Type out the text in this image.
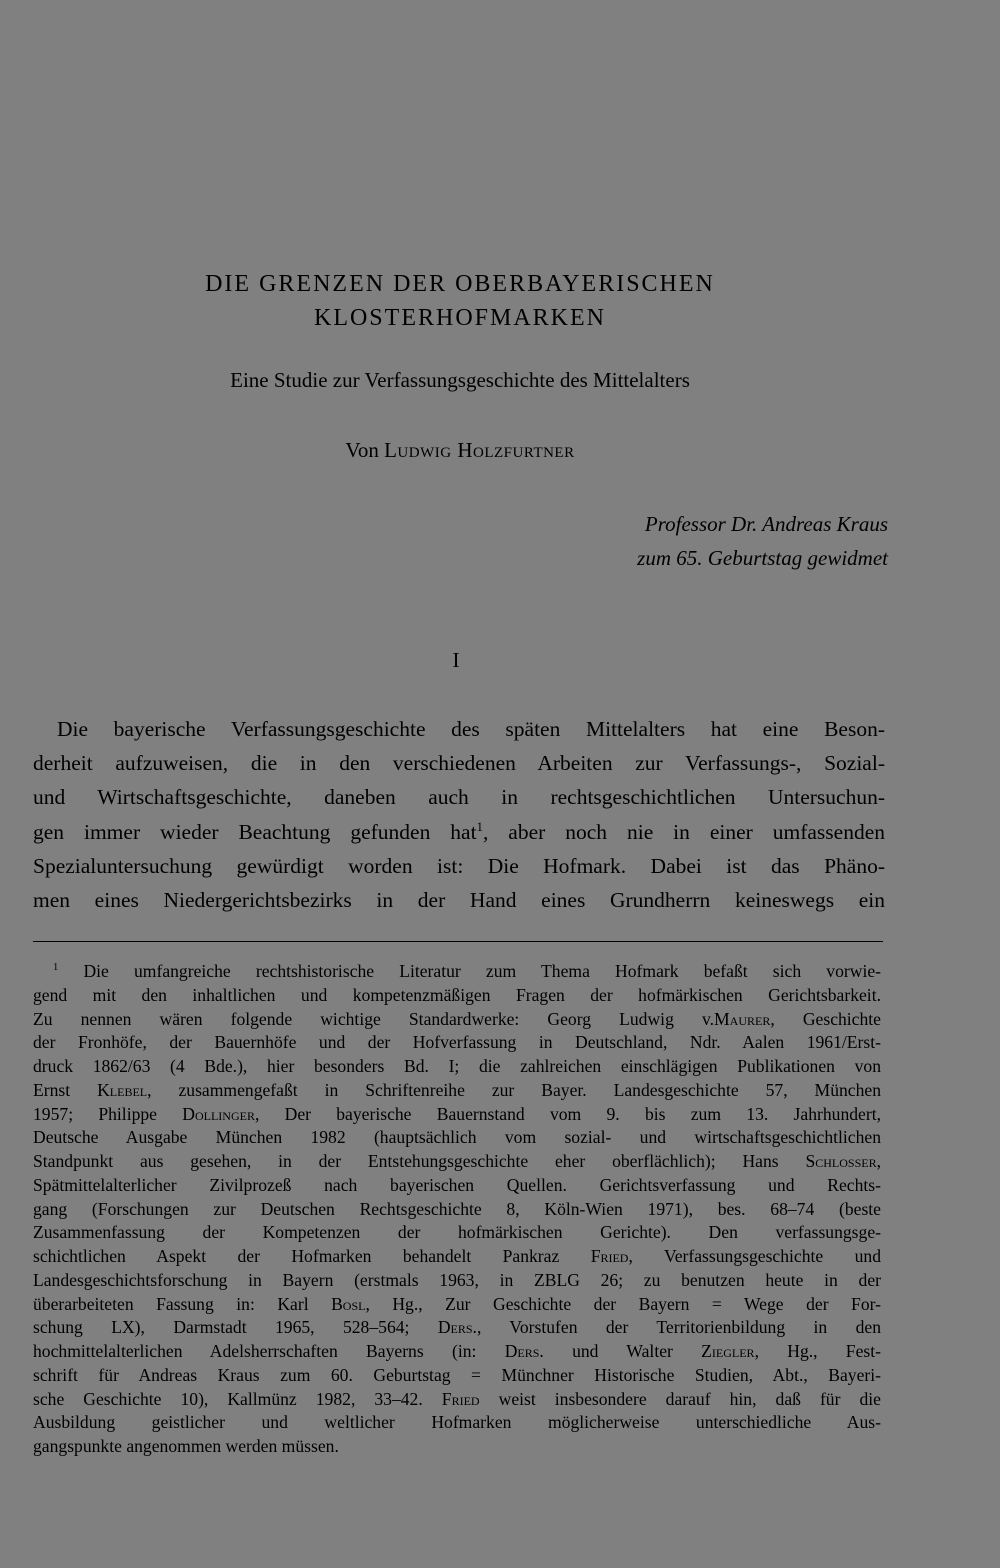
DIE GRENZEN DER OBERBAYERISCHEN
KLOSTERHOFMARKEN

Eine Studie zur Verfassungsgeschichte des Mittelalters

Von Ludwig Holzfurtner

Professor Dr. Andreas Kraus
zum 65. Geburtstag gewidmet

I

Die bayerische Verfassungsgeschichte des späten Mittelalters hat eine Beson-
derheit aufzuweisen, die in den verschiedenen Arbeiten zur Verfassungs-, Sozial-
und Wirtschaftsgeschichte, daneben auch in rechtsgeschichtlichen Untersuchun-
gen immer wieder Beachtung gefunden hat$^1$, aber noch nie in einer umfassenden
Spezialuntersuchung gewürdigt worden ist: Die Hofmark. Dabei ist das Phäno-
men eines Niedergerichtsbezirks in der Hand eines Grundherrn keineswegs ein
$^1$ Die umfangreiche rechtshistorische Literatur zum Thema Hofmark befaßt sich vorwie-
gend mit den inhaltlichen und kompetenzmäßigen Fragen der hofmärkischen Gerichtsbarkeit.
Zu nennen wären folgende wichtige Standardwerke: Georg Ludwig v.Maurer, Geschichte
der Fronhöfe, der Bauernhöfe und der Hofverfassung in Deutschland, Ndr. Aalen 1961/Erst-
druck 1862/63 (4 Bde.), hier besonders Bd. I; die zahlreichen einschlägigen Publikationen von
Ernst Klebel, zusammengefaßt in Schriftenreihe zur Bayer. Landesgeschichte 57, München
1957; Philippe Dollinger, Der bayerische Bauernstand vom 9. bis zum 13. Jahrhundert,
Deutsche Ausgabe München 1982 (hauptsächlich vom sozial- und wirtschaftsgeschichtlichen
Standpunkt aus gesehen, in der Entstehungsgeschichte eher oberflächlich); Hans Schlosser,
Spätmittelalterlicher Zivilprozeß nach bayerischen Quellen. Gerichtsverfassung und Rechts-
gang (Forschungen zur Deutschen Rechtsgeschichte 8, Köln-Wien 1971), bes. 68–74 (beste
Zusammenfassung der Kompetenzen der hofmärkischen Gerichte). Den verfassungsge-
schichtlichen Aspekt der Hofmarken behandelt Pankraz Fried, Verfassungsgeschichte und
Landesgeschichtsforschung in Bayern (erstmals 1963, in ZBLG 26; zu benutzen heute in der
überarbeiteten Fassung in: Karl Bosl, Hg., Zur Geschichte der Bayern = Wege der For-
schung LX), Darmstadt 1965, 528–564; Ders., Vorstufen der Territorienbildung in den
hochmittelalterlichen Adelsherrschaften Bayerns (in: Ders. und Walter Ziegler, Hg., Fest-
schrift für Andreas Kraus zum 60. Geburtstag = Münchner Historische Studien, Abt., Bayeri-
sche Geschichte 10), Kallmünz 1982, 33–42. Fried weist insbesondere darauf hin, daß für die
Ausbildung geistlicher und weltlicher Hofmarken möglicherweise unterschiedliche Aus-
gangspunkte angenommen werden müssen.
